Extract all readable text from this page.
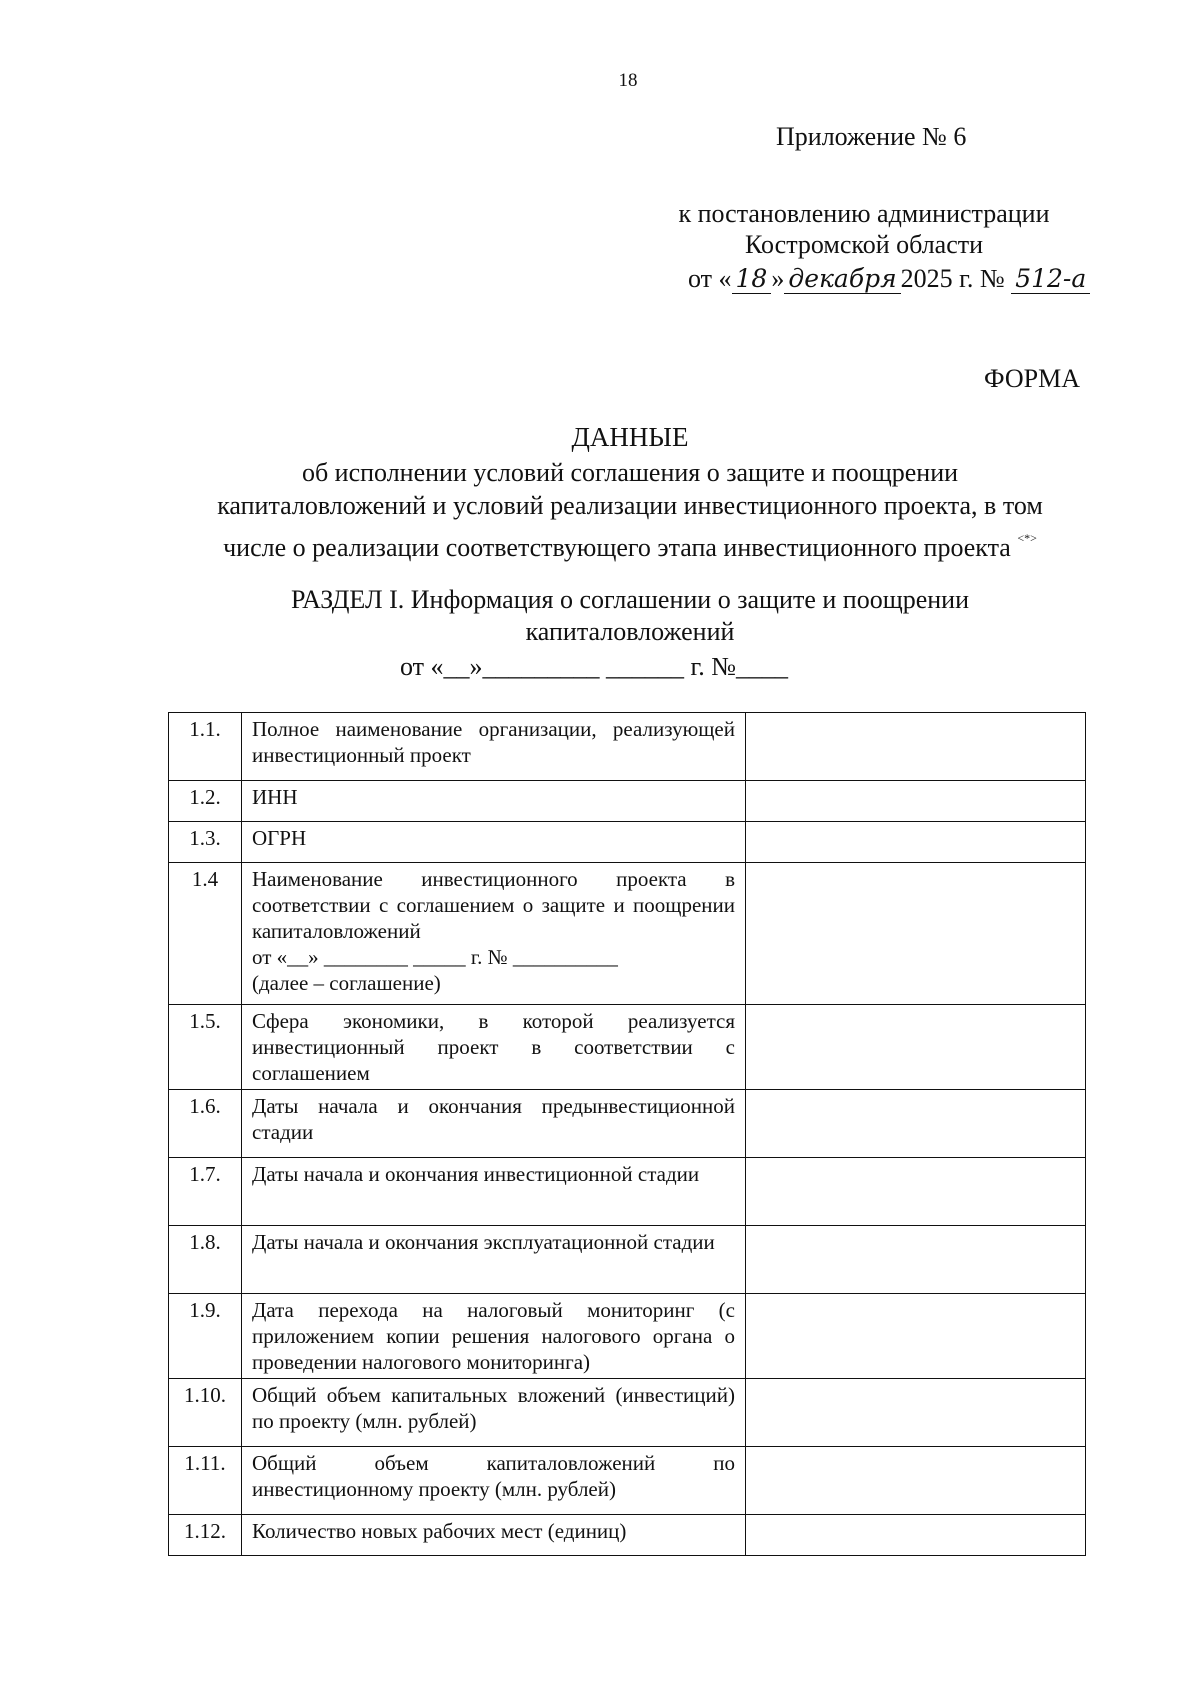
18
Приложение № 6
к постановлению администрации
Костромской области
от « 18 » декабря 2025 г. № 512-а
ФОРМА
ДАННЫЕ
об исполнении условий соглашения о защите и поощрении
капиталовложений и условий реализации инвестиционного проекта, в том
числе о реализации соответствующего этапа инвестиционного проекта <*>
РАЗДЕЛ I. Информация о соглашении о защите и поощрении
капиталовложений
от «__»_________ ______ г. №____
1.1.	Полное наименование организации, реализующей инвестиционный проект	
1.2.	ИНН	
1.3.	ОГРН	
1.4	Наименование инвестиционного проекта в соответствии с соглашением о защите и поощрении капиталовложений
от «__» ________ _____ г. № __________
(далее – соглашение)	

1.5.	Сфера экономики, в которой реализуется инвестиционный проект в соответствии с соглашением	
1.6.	Даты начала и окончания предынвестиционной стадии	
1.7.	Даты начала и окончания инвестиционной стадии	
1.8.	Даты начала и окончания эксплуатационной стадии	
1.9.	Дата перехода на налоговый мониторинг (с приложением копии решения налогового органа о проведении налогового мониторинга)	
1.10.	Общий объем капитальных вложений (инвестиций) по проекту (млн. рублей)	
1.11.	Общий объем капиталовложений по инвестиционному проекту (млн. рублей)	
1.12.	Количество новых рабочих мест (единиц)	
